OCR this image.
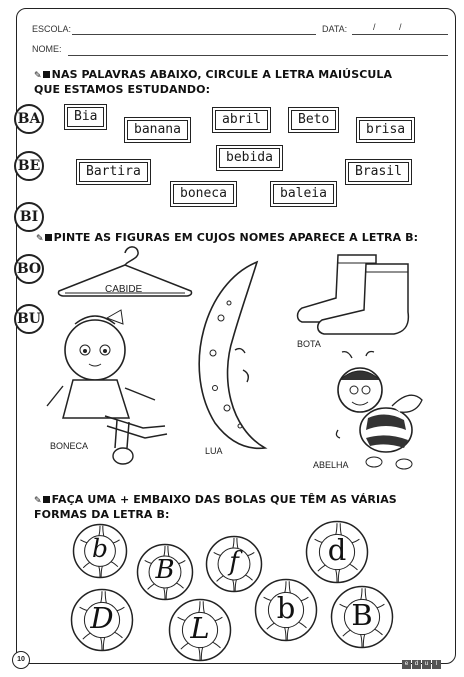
ESCOLA:	DATA:	/	/
NOME:
✎ NAS PALAVRAS ABAIXO, CIRCULE A LETRA MAIÚSCULA
QUE ESTAMOS ESTUDANDO:
BA
BE
BI
BO
BU
Bia	abril	Beto
banana	brisa
bebida
Bartira	Brasil
boneca	baleia
✎ PINTE AS FIGURAS EM CUJOS NOMES APARECE A LETRA B:
CABIDE
LUA
BOTA
BONECA
ABELHA
✎ FAÇA UMA + EMBAIXO DAS BOLAS QUE TÊM AS VÁRIAS
FORMAS DA LETRA B:
b
B	f	d
D	L
b	B
10
e d u l
